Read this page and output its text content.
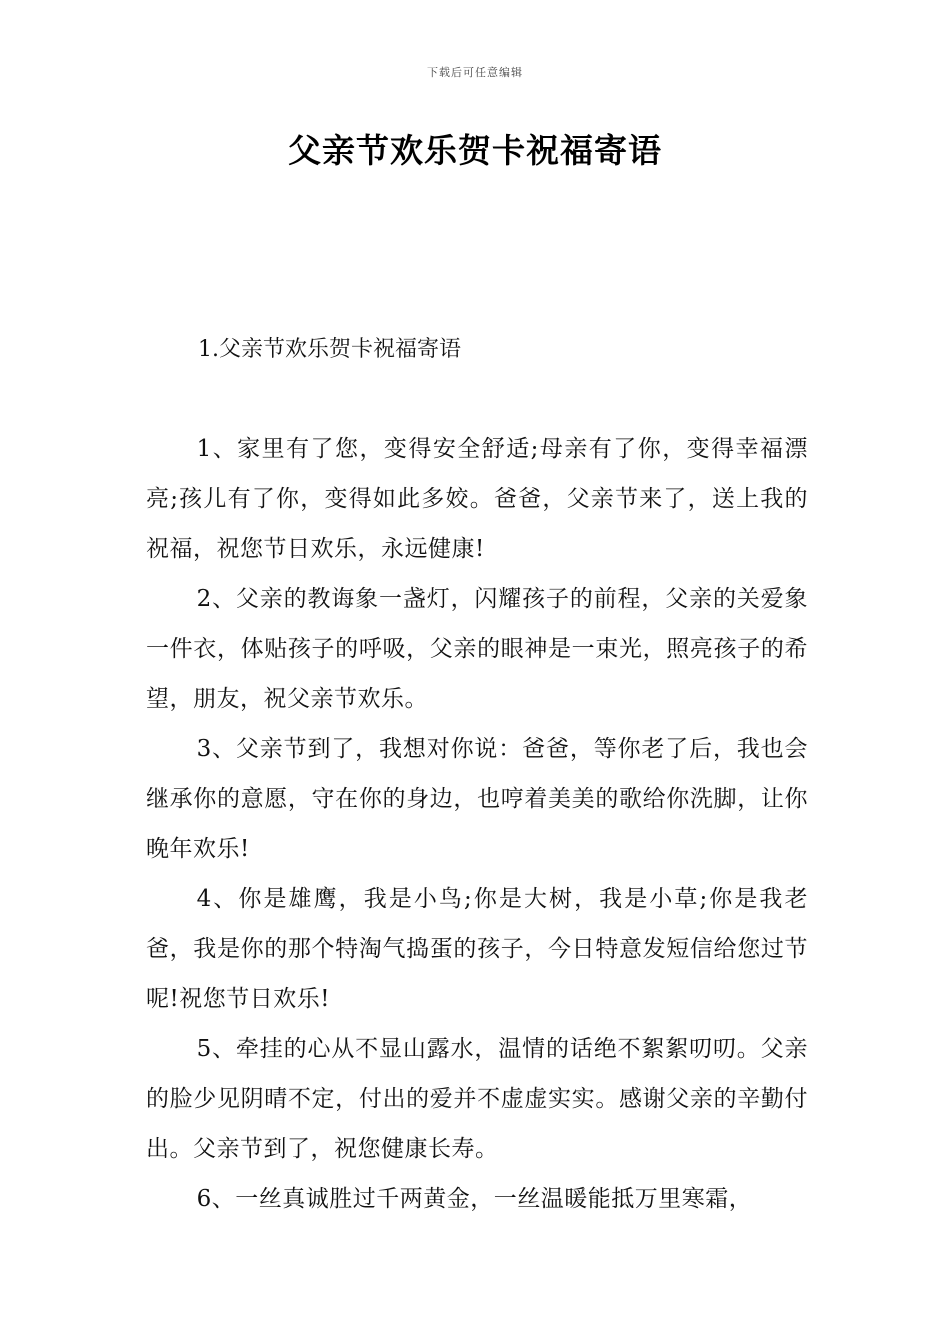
下载后可任意编辑
父亲节欢乐贺卡祝福寄语
1.父亲节欢乐贺卡祝福寄语

1、家里有了您，变得安全舒适;母亲有了你，变得幸福漂亮;孩儿有了你，变得如此多姣。爸爸，父亲节来了，送上我的祝福，祝您节日欢乐，永远健康!

2、父亲的教诲象一盏灯，闪耀孩子的前程，父亲的关爱象一件衣，体贴孩子的呼吸，父亲的眼神是一束光，照亮孩子的希望，朋友，祝父亲节欢乐。

3、父亲节到了，我想对你说：爸爸，等你老了后，我也会继承你的意愿，守在你的身边，也哼着美美的歌给你洗脚，让你晚年欢乐!

4、你是雄鹰，我是小鸟;你是大树，我是小草;你是我老爸，我是你的那个特淘气捣蛋的孩子，今日特意发短信给您过节呢!祝您节日欢乐!

5、牵挂的心从不显山露水，温情的话绝不絮絮叨叨。父亲的脸少见阴晴不定，付出的爱并不虚虚实实。感谢父亲的辛勤付出。父亲节到了，祝您健康长寿。

6、一丝真诚胜过千两黄金，一丝温暖能抵万里寒霜，
